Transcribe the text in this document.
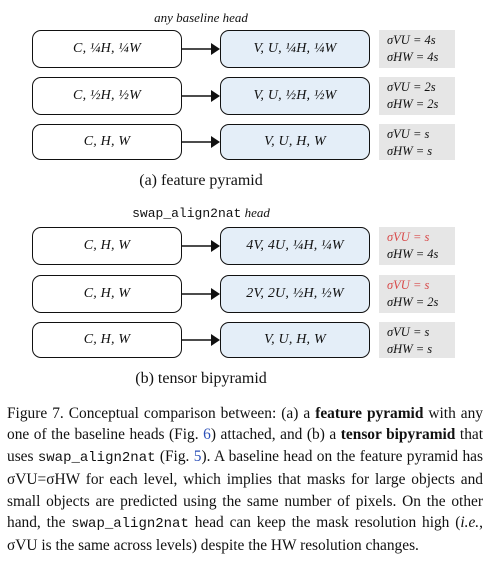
any baseline head
C, ¼H, ¼W	V, U, ¼H, ¼W
σVU = 4s
σHW = 4s
C, ½H, ½W	V, U, ½H, ½W
σVU = 2s
σHW = 2s
C, H, W	V, U, H, W	σVU = s
σHW = s
(a) feature pyramid
swap_align2nat head
C, H, W	4V, 4U, ¼H, ¼W
σVU = s
σHW = 4s
C, H, W	2V, 2U, ½H, ½W
σVU = s
σHW = 2s
C, H, W	V, U, H, W	σVU = s
σHW = s
(b) tensor bipyramid
Figure 7. Conceptual comparison between: (a) a feature pyramid with any one of the baseline heads (Fig. 6) attached, and (b) a tensor bipyramid that uses swap_align2nat (Fig. 5). A baseline head on the feature pyramid has σVU=σHW for each level, which implies that masks for large objects and small objects are predicted using the same number of pixels. On the other hand, the swap_align2nat head can keep the mask resolution high (i.e., σVU is the same across levels) despite the HW resolution changes.
